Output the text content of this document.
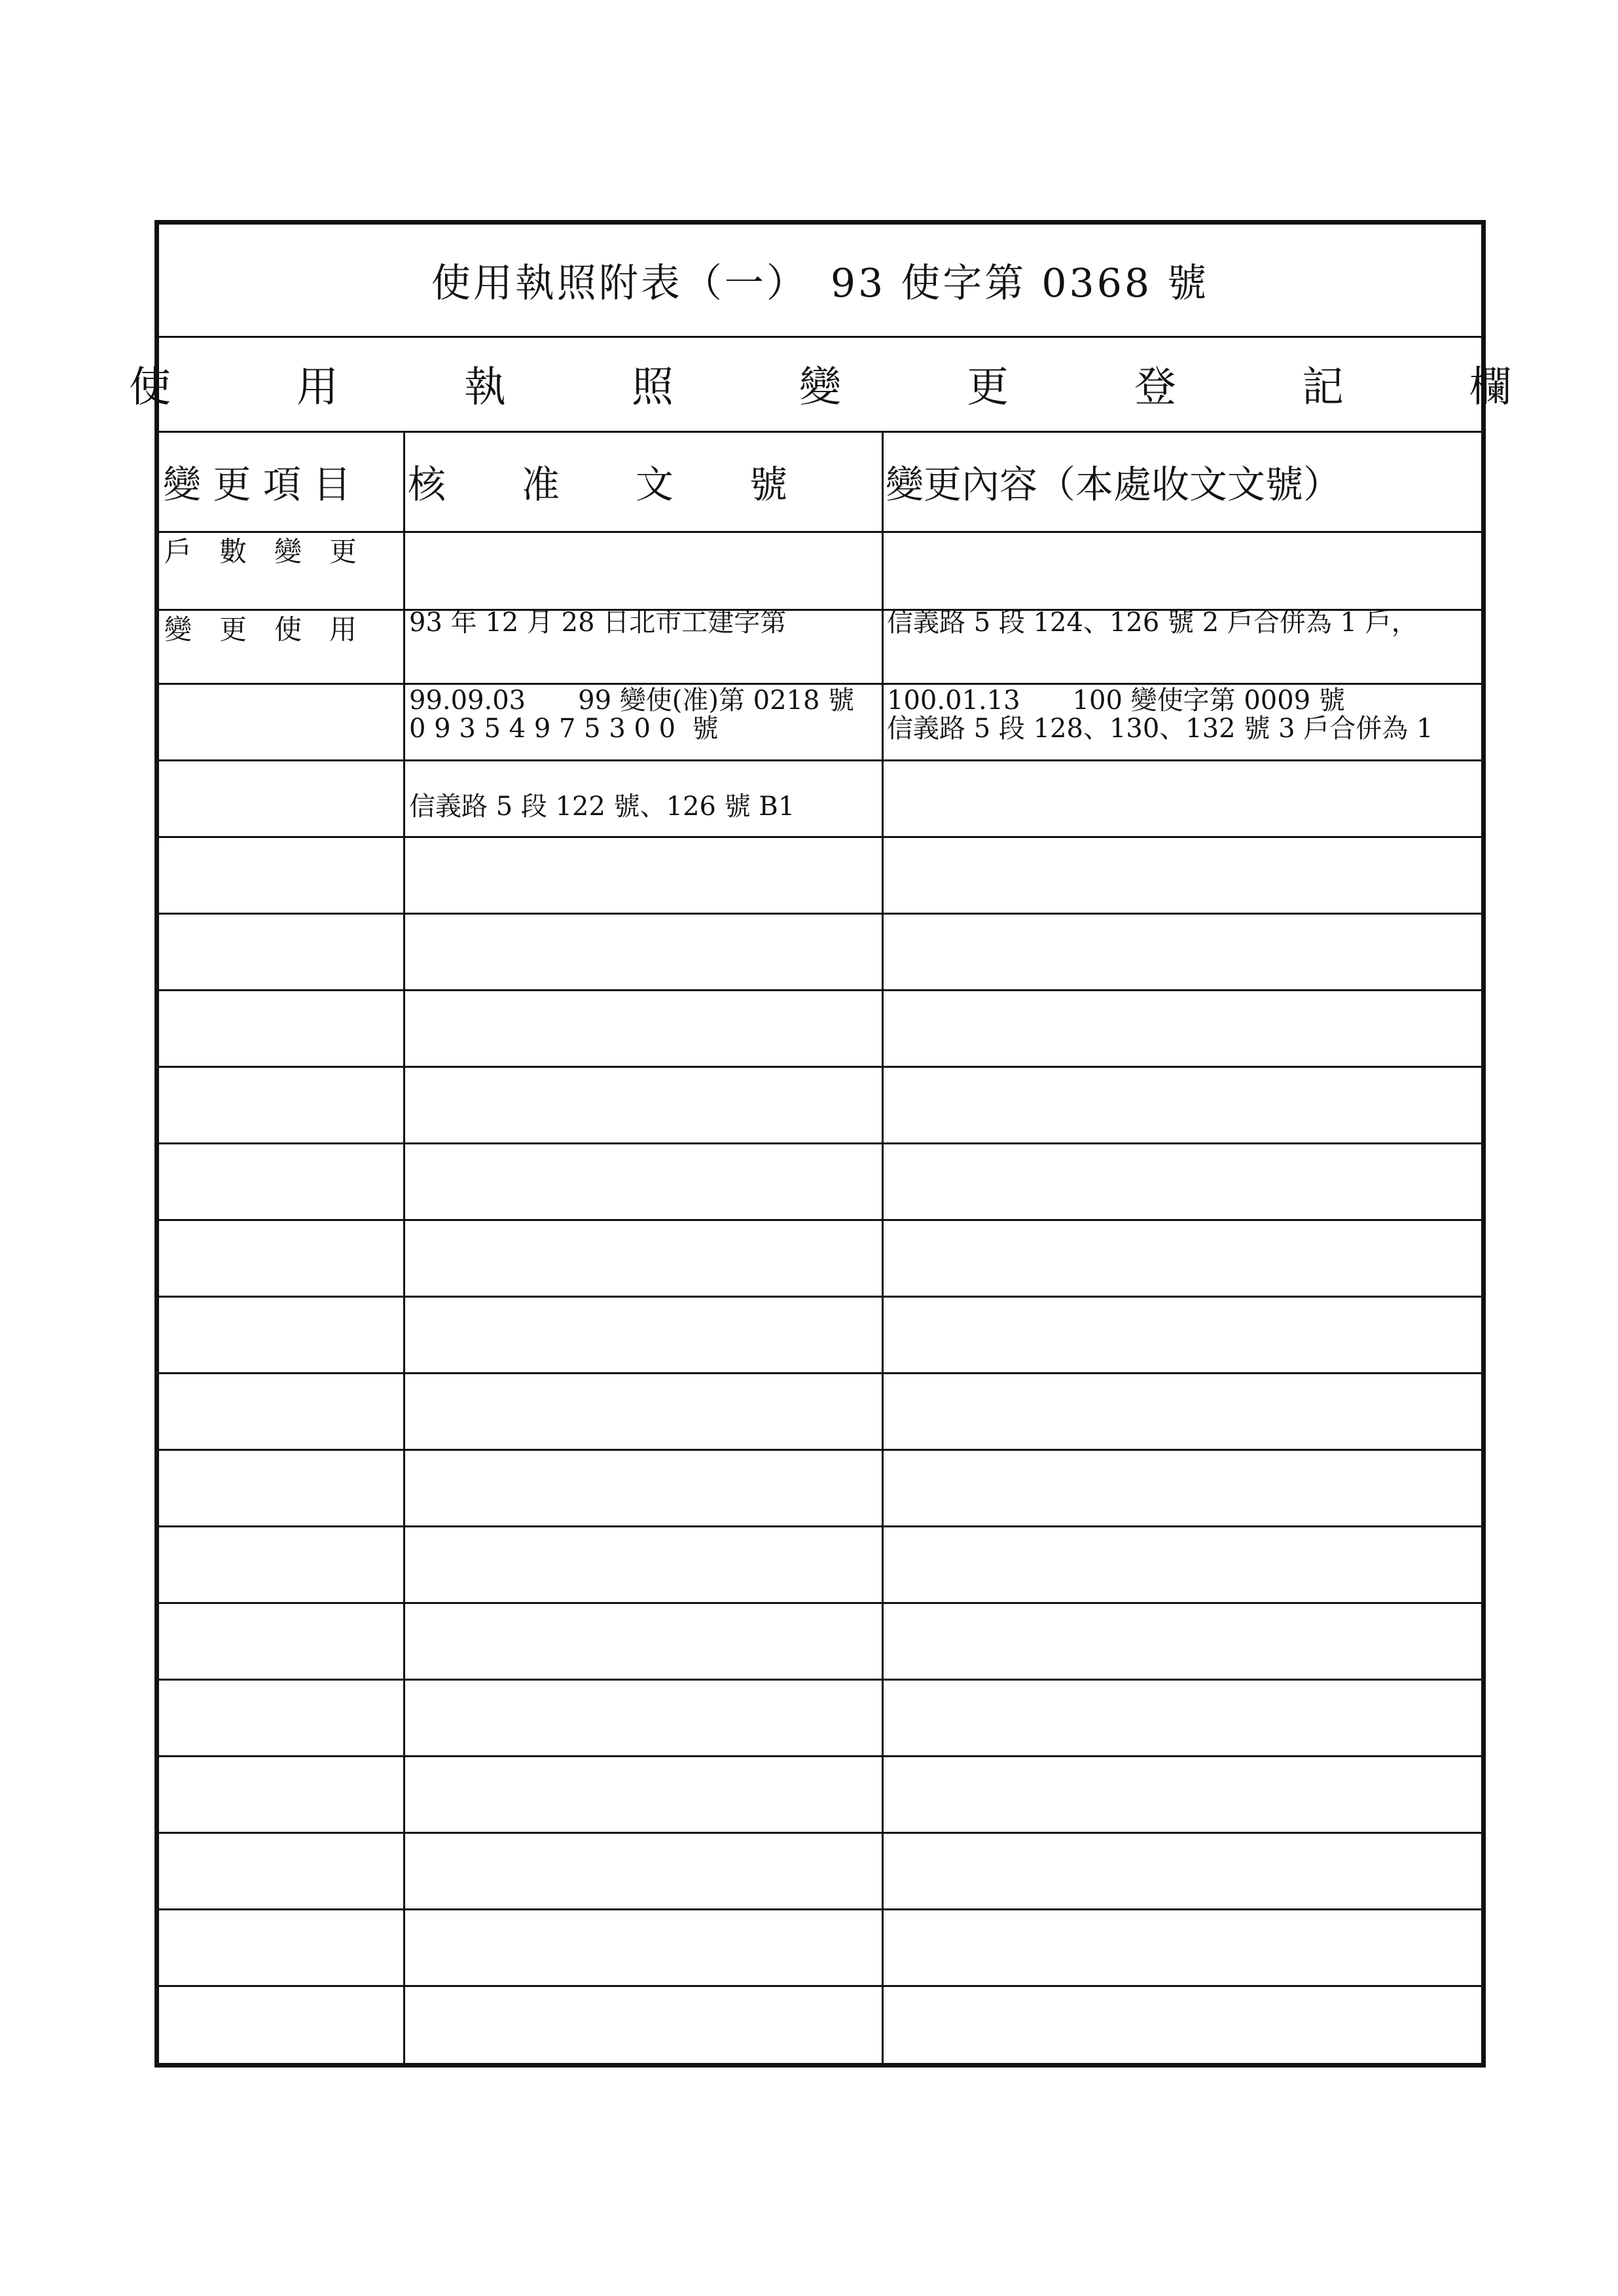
使用執照附表（一）　93 使字第 0368 號
使　　　用　　　執　　　照　　　變　　　更　　　登　　　記　　　欄
變 更 項 目	核　　准　　文　　號	變更內容（本處收文文號）
戶　數　變　更

93 年 12 月 28 日北市工建字第

0 9 3 5 4 9 7 5 3 0 0  號

信義路 5 段 124、126 號 2 戶合併為 1 戶，

信義路 5 段 128、130、132 號 3 戶合併為 1

變　更　使　用

99.09.03　　99 變使(准)第 0218 號

信義路 5 段 122 號、126 號 B1

100.01.13　　100 變使字第 0009 號
